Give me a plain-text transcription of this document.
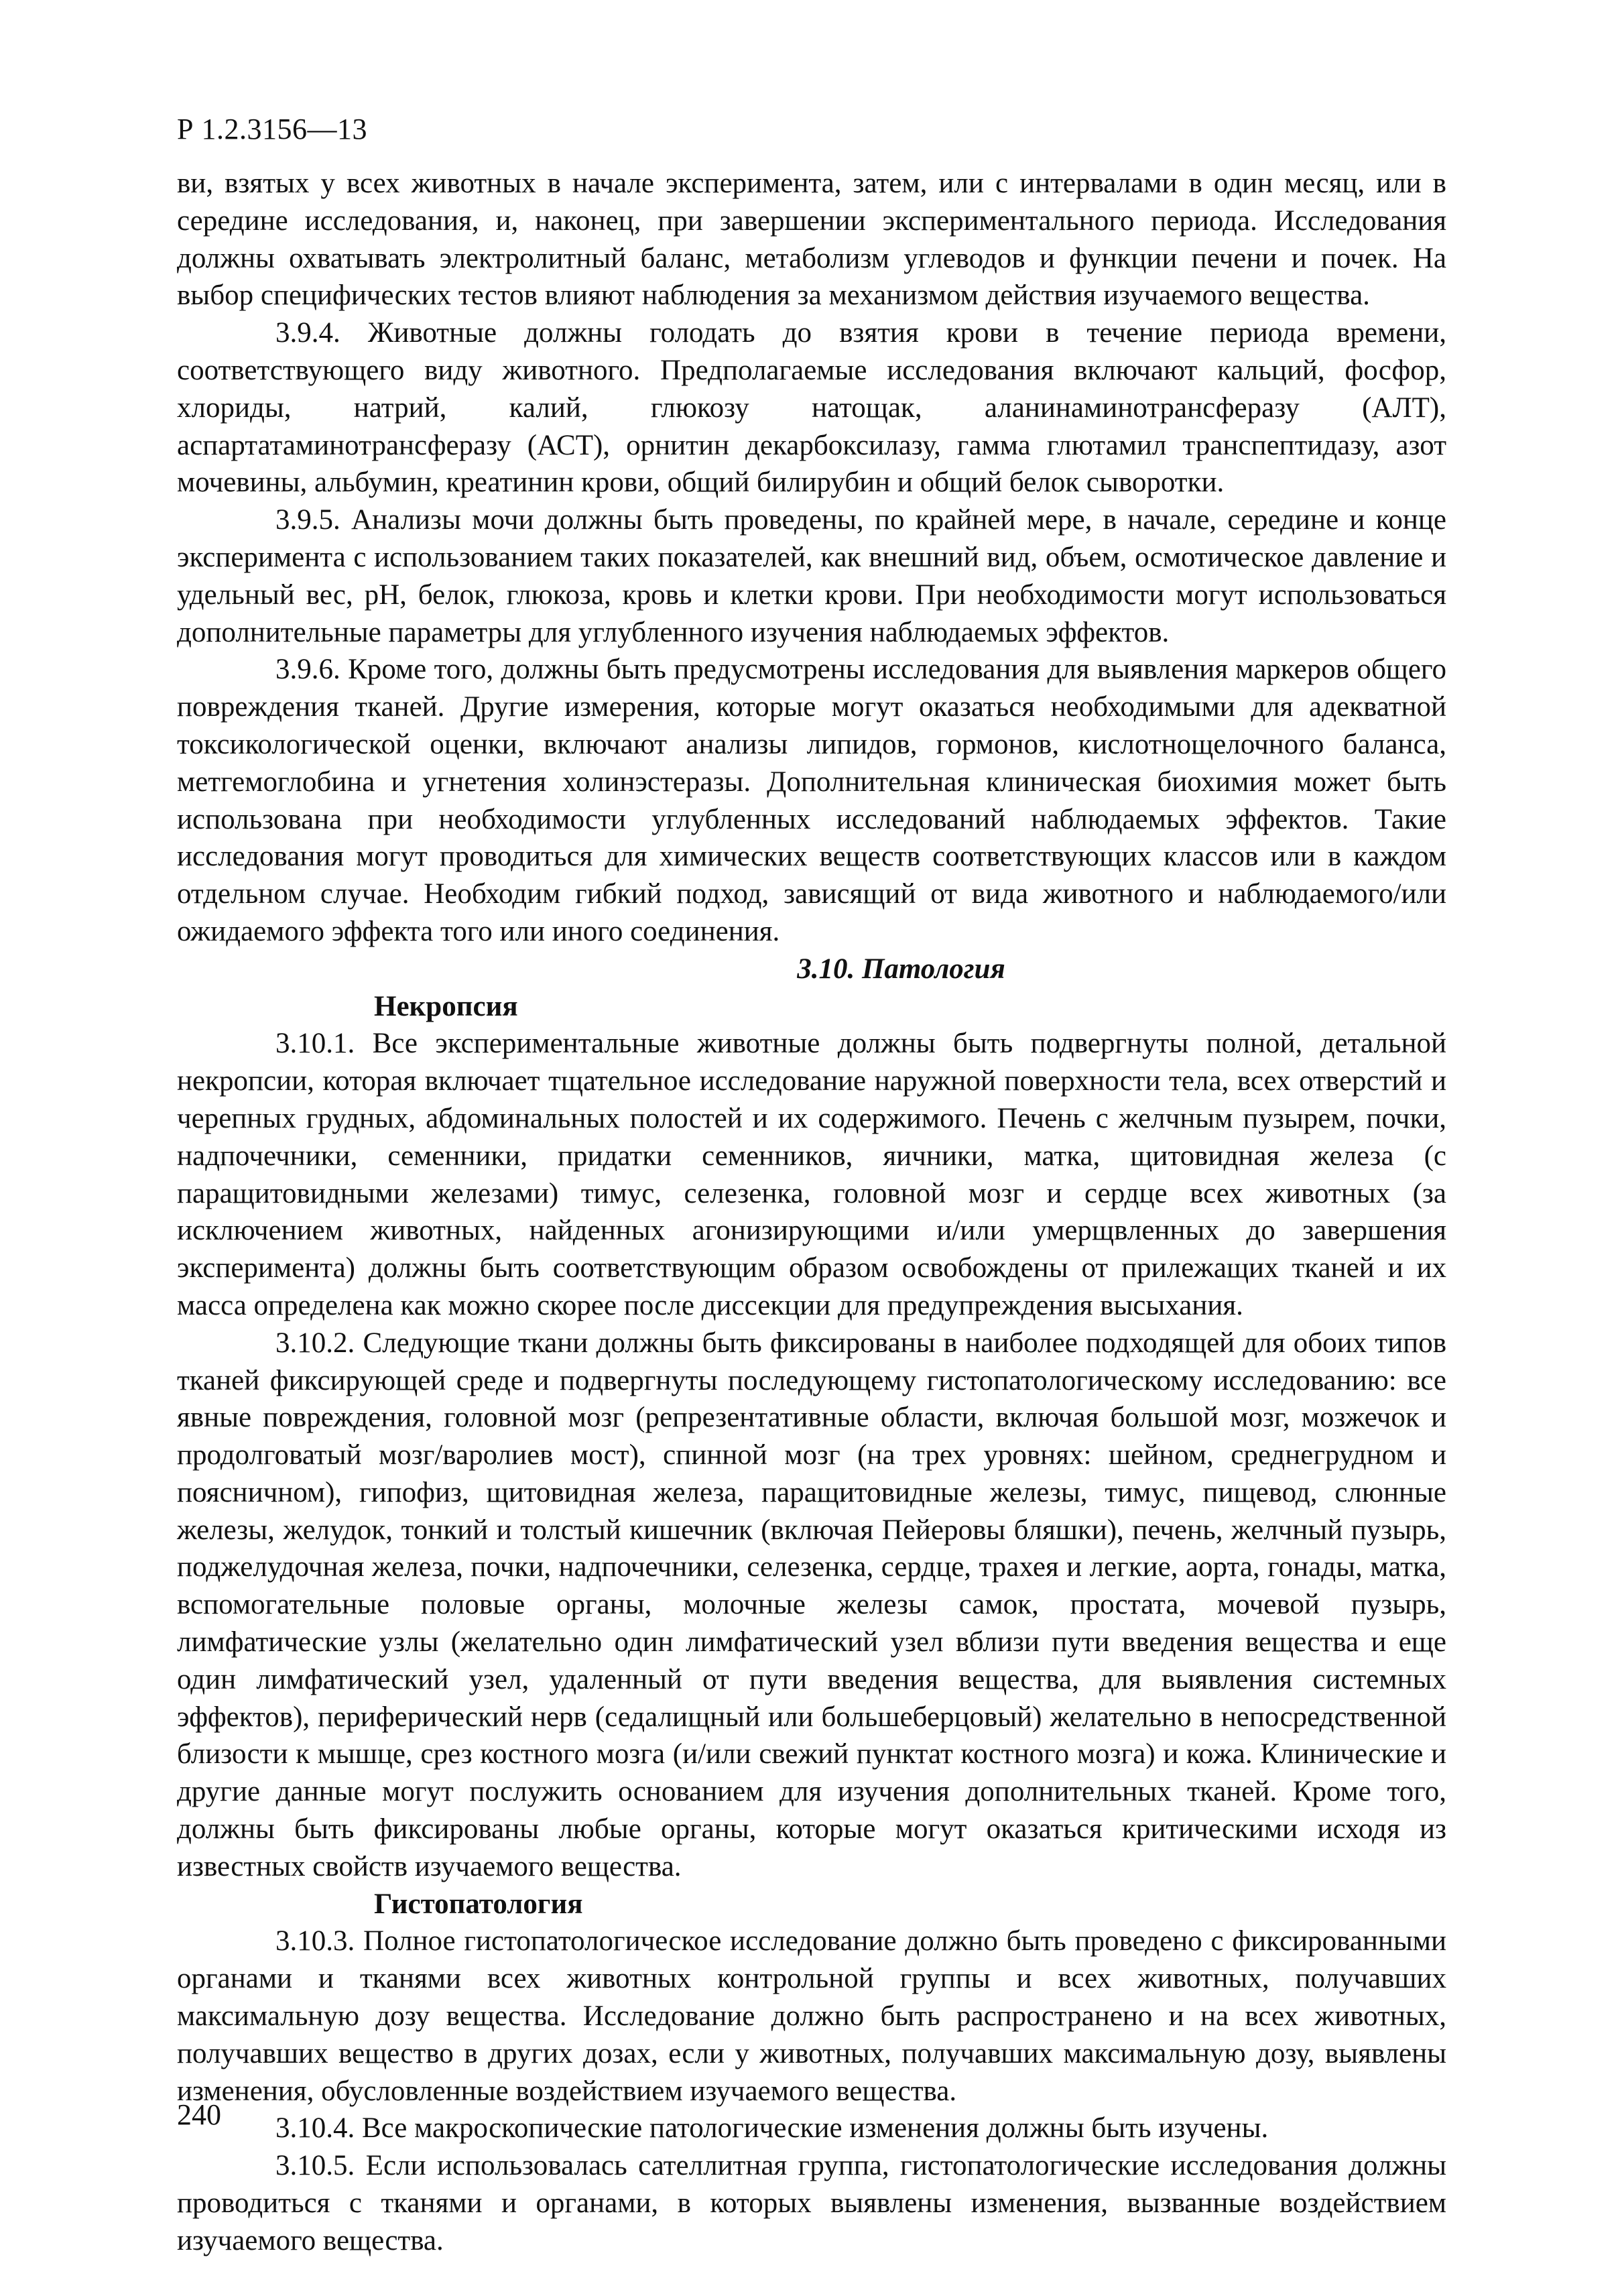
Р 1.2.3156—13

ви, взятых у всех животных в начале эксперимента, затем, или с интервалами в один месяц, или в середине исследования, и, наконец, при завершении экспериментального периода. Исследования должны охватывать электролитный баланс, метаболизм углеводов и функции печени и почек. На выбор специфических тестов влияют наблюдения за механизмом действия изучаемого вещества.

3.9.4. Животные должны голодать до взятия крови в течение периода времени, соответствующего виду животного. Предполагаемые исследования включают кальций, фосфор, хлориды, натрий, калий, глюкозу натощак, аланинаминотрансферазу (АЛТ), аспартатаминотрансферазу (АСТ), орнитин декарбоксилазу, гамма глютамил транспептидазу, азот мочевины, альбумин, креатинин крови, общий билирубин и общий белок сыворотки.

3.9.5. Анализы мочи должны быть проведены, по крайней мере, в начале, середине и конце эксперимента с использованием таких показателей, как внешний вид, объем, осмотическое давление и удельный вес, pH, белок, глюкоза, кровь и клетки крови. При необходимости могут использоваться дополнительные параметры для углубленного изучения наблюдаемых эффектов.

3.9.6. Кроме того, должны быть предусмотрены исследования для выявления маркеров общего повреждения тканей. Другие измерения, которые могут оказаться необходимыми для адекватной токсикологической оценки, включают анализы липидов, гормонов, кислотнощелочного баланса, метгемоглобина и угнетения холинэстеразы. Дополнительная клиническая биохимия может быть использована при необходимости углубленных исследований наблюдаемых эффектов. Такие исследования могут проводиться для химических веществ соответствующих классов или в каждом отдельном случае. Необходим гибкий подход, зависящий от вида животного и наблюдаемого/или ожидаемого эффекта того или иного соединения.

3.10. Патология

Некропсия

3.10.1. Все экспериментальные животные должны быть подвергнуты полной, детальной некропсии, которая включает тщательное исследование наружной поверхности тела, всех отверстий и черепных грудных, абдоминальных полостей и их содержимого. Печень с желчным пузырем, почки, надпочечники, семенники, придатки семенников, яичники, матка, щитовидная железа (с паращитовидными железами) тимус, селезенка, головной мозг и сердце всех животных (за исключением животных, найденных агонизирующими и/или умерщвленных до завершения эксперимента) должны быть соответствующим образом освобождены от прилежащих тканей и их масса определена как можно скорее после диссекции для предупреждения высыхания.

3.10.2. Следующие ткани должны быть фиксированы в наиболее подходящей для обоих типов тканей фиксирующей среде и подвергнуты последующему гистопатологическому исследованию: все явные повреждения, головной мозг (репрезентативные области, включая большой мозг, мозжечок и продолговатый мозг/варолиев мост), спинной мозг (на трех уровнях: шейном, среднегрудном и поясничном), гипофиз, щитовидная железа, паращитовидные железы, тимус, пищевод, слюнные железы, желудок, тонкий и толстый кишечник (включая Пейеровы бляшки), печень, желчный пузырь, поджелудочная железа, почки, надпочечники, селезенка, сердце, трахея и легкие, аорта, гонады, матка, вспомогательные половые органы, молочные железы самок, простата, мочевой пузырь, лимфатические узлы (желательно один лимфатический узел вблизи пути введения вещества и еще один лимфатический узел, удаленный от пути введения вещества, для выявления системных эффектов), периферический нерв (седалищный или большеберцовый) желательно в непосредственной близости к мышце, срез костного мозга (и/или свежий пунктат костного мозга) и кожа. Клинические и другие данные могут послужить основанием для изучения дополнительных тканей. Кроме того, должны быть фиксированы любые органы, которые могут оказаться критическими исходя из известных свойств изучаемого вещества.

Гистопатология

3.10.3. Полное гистопатологическое исследование должно быть проведено с фиксированными органами и тканями всех животных контрольной группы и всех животных, получавших максимальную дозу вещества. Исследование должно быть распространено и на всех животных, получавших вещество в других дозах, если у животных, получавших максимальную дозу, выявлены изменения, обусловленные воздействием изучаемого вещества.

3.10.4. Все макроскопические патологические изменения должны быть изучены.

3.10.5. Если использовалась сателлитная группа, гистопатологические исследования должны проводиться с тканями и органами, в которых выявлены изменения, вызванные воздействием изучаемого вещества.

240
